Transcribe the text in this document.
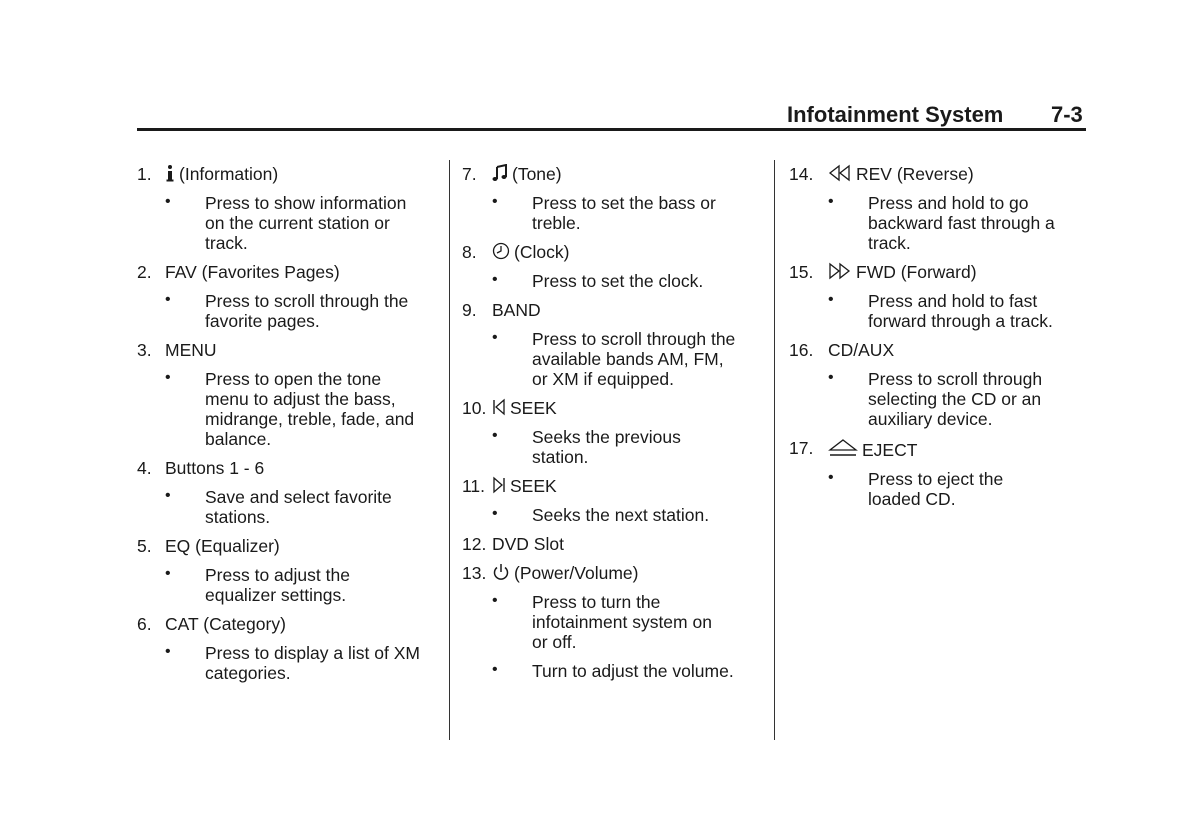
Infotainment System 7-3
1.	(Information)
• Press to show information
on the current station or
track.
2. FAV (Favorites Pages)
• Press to scroll through the
favorite pages.
3. MENU
• Press to open the tone
menu to adjust the bass,
midrange, treble, fade, and
balance.
4. Buttons 1 - 6
• Save and select favorite
stations.
5. EQ (Equalizer)
• Press to adjust the
equalizer settings.
6. CAT (Category)
• Press to display a list of XM
categories.
7.	(Tone)
• Press to set the bass or
treble.
8.	(Clock)
• Press to set the clock.
9. BAND
• Press to scroll through the
available bands AM, FM,
or XM if equipped.
10.	SEEK
• Seeks the previous
station.
11.	SEEK
• Seeks the next station.
12. DVD Slot
13.	(Power/Volume)
• Press to turn the
infotainment system on
or off.
• Turn to adjust the volume.
14.	REV (Reverse)
• Press and hold to go
backward fast through a
track.
15.	FWD (Forward)
• Press and hold to fast
forward through a track.
16. CD/AUX
• Press to scroll through
selecting the CD or an
auxiliary device.
17.	EJECT
• Press to eject the
loaded CD.
